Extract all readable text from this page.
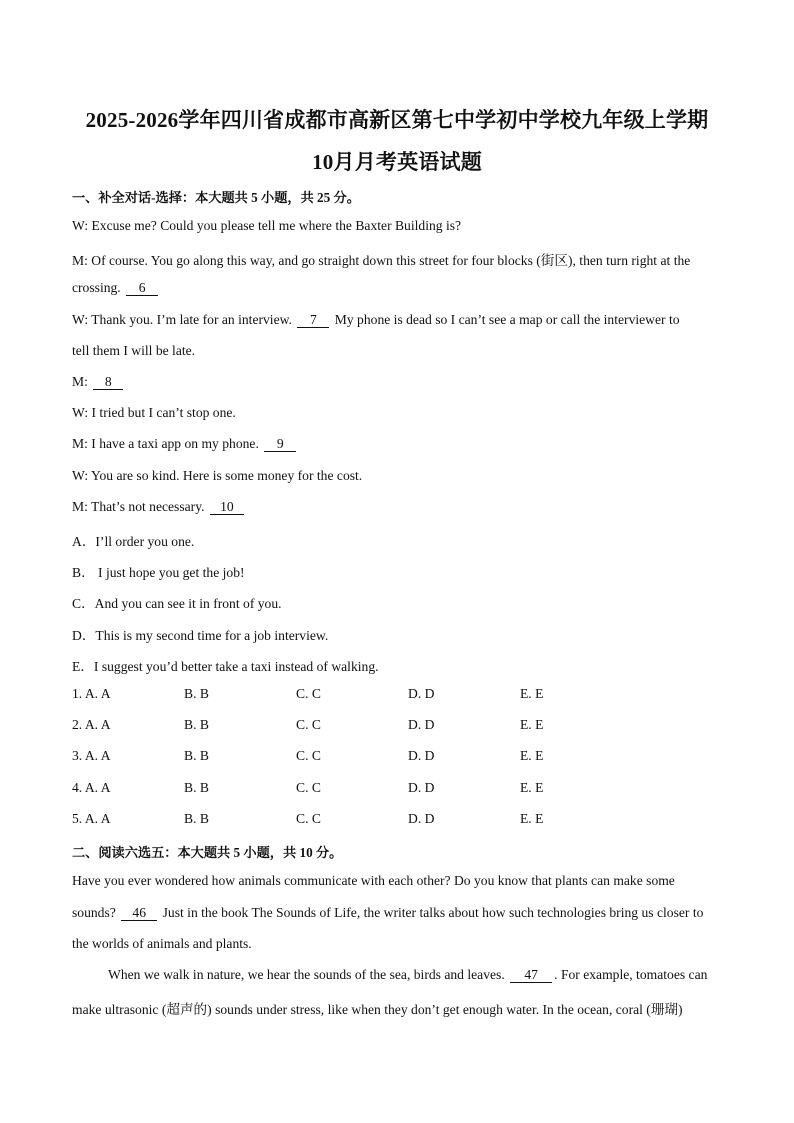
2025-2026学年四川省成都市高新区第七中学初中学校九年级上学期
10月月考英语试题
一、补全对话-选择：本大题共 5 小题，共 25 分。
W: Excuse me? Could you please tell me where the Baxter Building is?
M: Of course. You go along this way, and go straight down this street for four blocks (街区), then turn right at the
crossing. 6
W: Thank you. I’m late for an interview. 7 My phone is dead so I can’t see a map or call the interviewer to
tell them I will be late.
M: 8
W: I tried but I can’t stop one.
M: I have a taxi app on my phone. 9
W: You are so kind. Here is some money for the cost.
M: That’s not necessary. 10
A．I’ll order you one.
B． I just hope you get the job!
C．And you can see it in front of you.
D．This is my second time for a job interview.
E．I suggest you’d better take a taxi instead of walking.
1. A. A	B. B	C. C	D. D	E. E
2. A. A	B. B	C. C	D. D	E. E
3. A. A	B. B	C. C	D. D	E. E
4. A. A	B. B	C. C	D. D	E. E
5. A. A	B. B	C. C	D. D	E. E
二、阅读六选五：本大题共 5 小题，共 10 分。
Have you ever wondered how animals communicate with each other? Do you know that plants can make some
sounds? 46 Just in the book The Sounds of Life, the writer talks about how such technologies bring us closer to
the worlds of animals and plants.
When we walk in nature, we hear the sounds of the sea, birds and leaves. 47 . For example, tomatoes can
make ultrasonic (超声的) sounds under stress, like when they don’t get enough water. In the ocean, coral (珊瑚)
